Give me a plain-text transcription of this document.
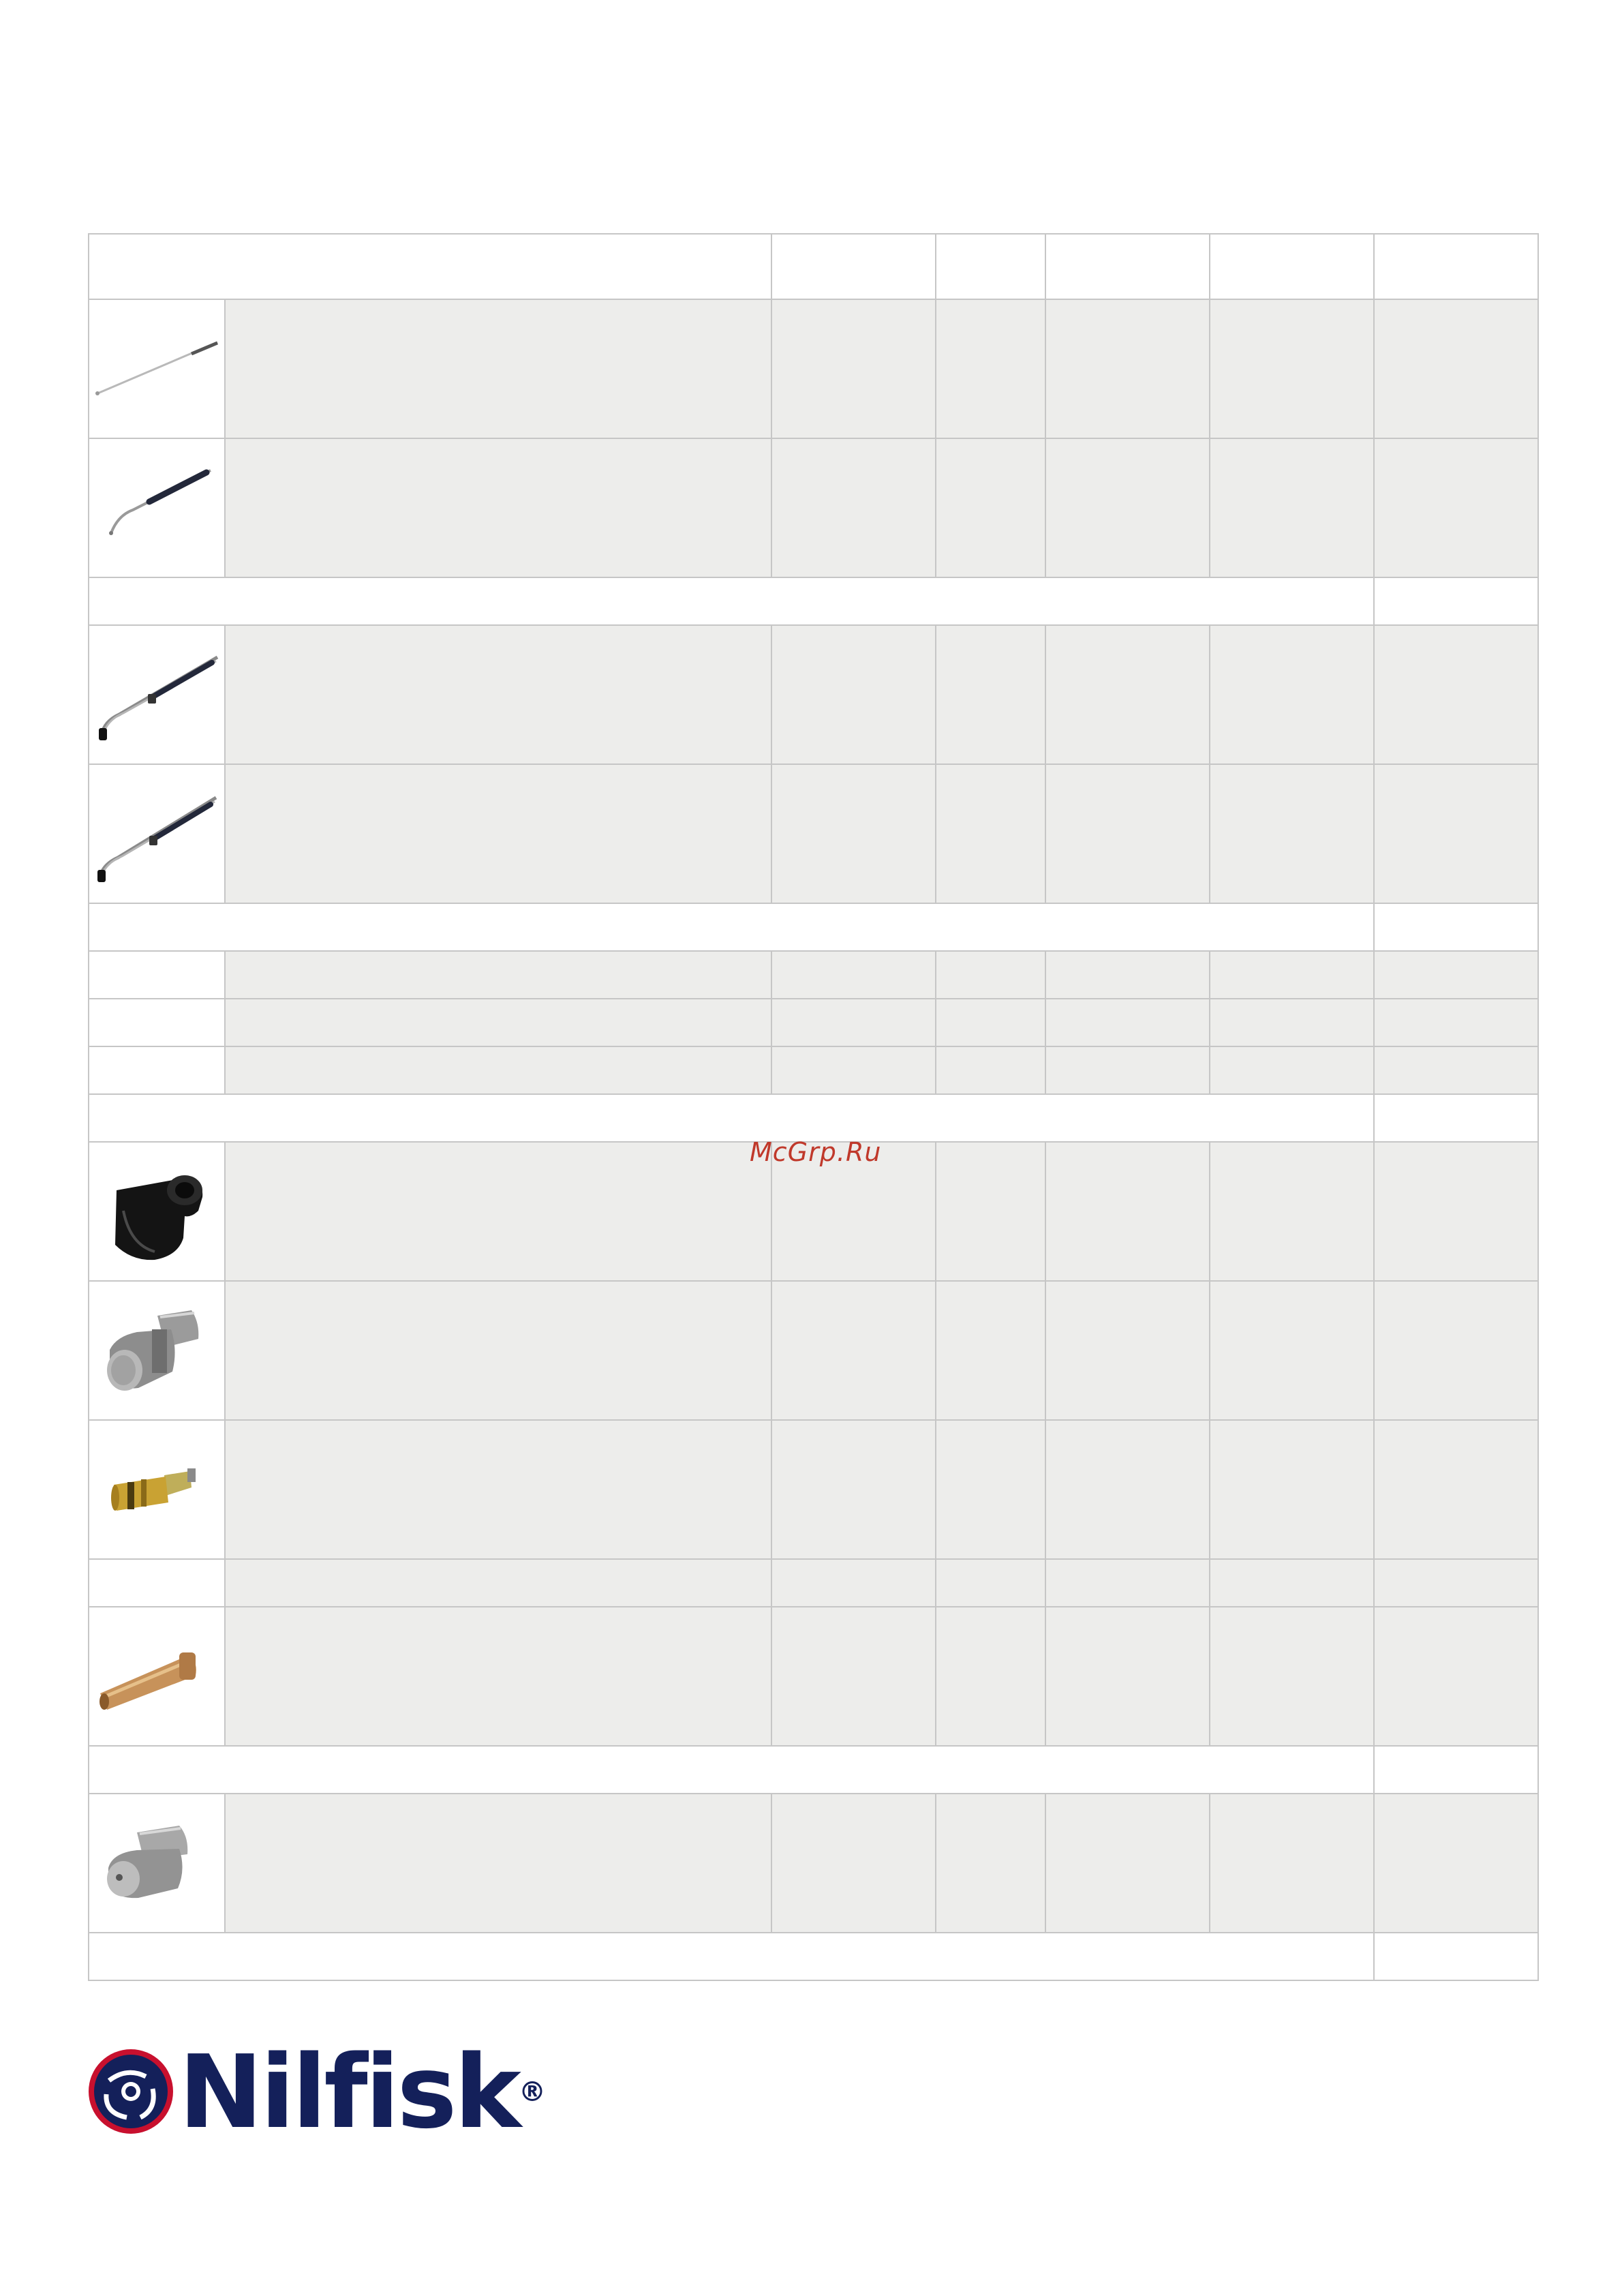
McGrp.Ru
Nilfisk®
